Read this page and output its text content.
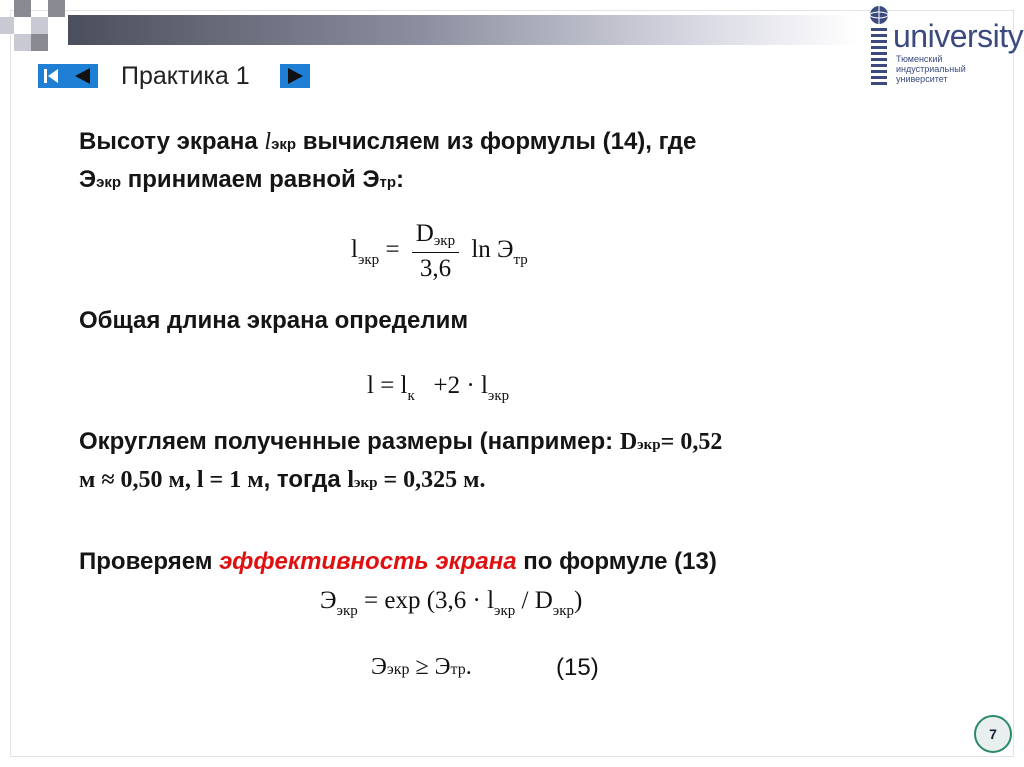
Практика 1
university
Тюменский индустриальный университет
Высоту экрана lэкр вычисляем из формулы (14), где
Ээкр принимаем равной Этр:
$l_{экр} = \frac{\text{Dэкр}}{3,6}$ $\ln Э_{тр}$
Общая длина экрана определим
$l = l_к +2 \cdot l_{экр}$
Округляем полученные размеры (например: Dэкр= 0,52
м ≈ 0,50 м, l = 1 м, тогда lэкр = 0,325 м.
Проверяем эффективность экрана по формуле (13)
$Э_{экр} = \exp (3,6 \cdot l_{экр} / D_{экр})$
Ээкр ≥ Этр.	(15)
7
